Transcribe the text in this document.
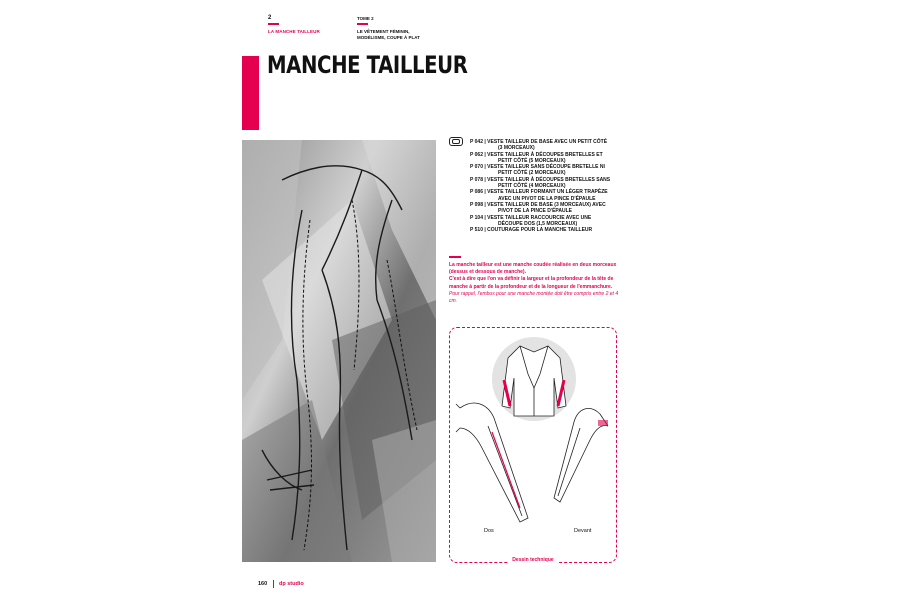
2
LA MANCHE TAILLEUR
TOME 2
LE VÊTEMENT FÉMININ, MODÉLISME, COUPE À PLAT
MANCHE TAILLEUR
P 042 | VESTE TAILLEUR DE BASE AVEC UN PETIT CÔTÉ
(3 MORCEAUX)
P 062 | VESTE TAILLEUR À DÉCOUPES BRETELLES ET
PETIT CÔTÉ (5 MORCEAUX)
P 070 | VESTE TAILLEUR SANS DÉCOUPE BRETELLE NI
PETIT CÔTÉ (2 MORCEAUX)
P 078 | VESTE TAILLEUR À DÉCOUPES BRETELLES SANS
PETIT CÔTÉ (4 MORCEAUX)
P 086 | VESTE TAILLEUR FORMANT UN LÉGER TRAPÈZE
AVEC UN PIVOT DE LA PINCE D'ÉPAULE
P 098 | VESTE TAILLEUR DE BASE (3 MORCEAUX) AVEC
PIVOT DE LA PINCE D'ÉPAULE
P 104 | VESTE TAILLEUR RACCOURCIE AVEC UNE
DÉCOUPE DOS (1,5 MORCEAUX)
P 510 | COUTURAGE POUR LA MANCHE TAILLEUR

La manche tailleur est une manche coudée réalisée en deux morceaux (dessus et dessous de manche).

C'est à dire que l'on va définir la largeur et la profondeur de la tête de manche à partir de la profondeur et de la longueur de l'emmanchure.

Pour rappel, l'embus pour une manche montée doit être compris entre 2 et 4 cm.

Dos	Devant
Dessin technique
160 dp studio
